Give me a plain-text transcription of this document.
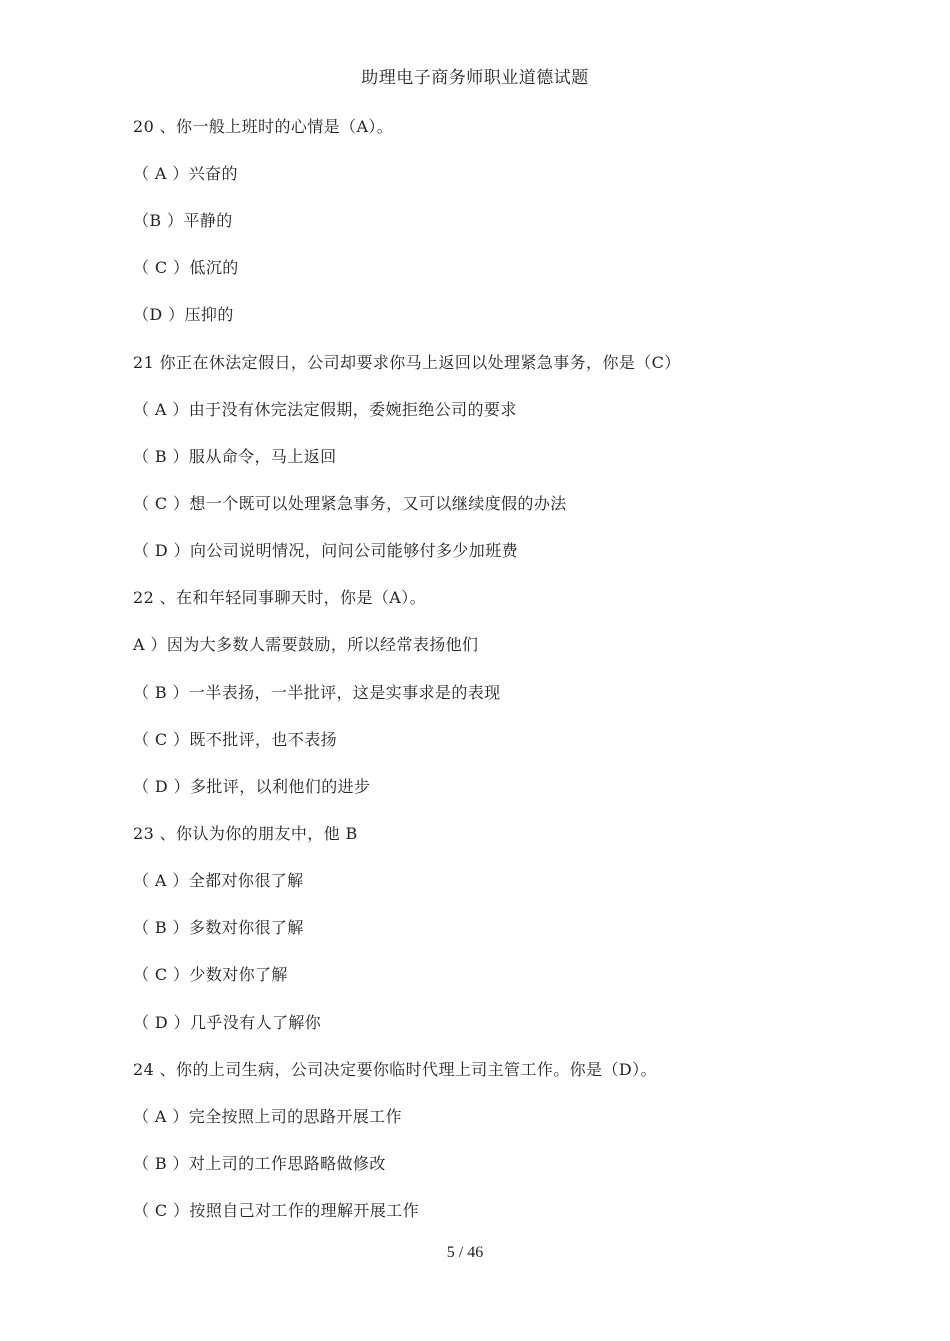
助理电子商务师职业道德试题
20 、你一般上班时的心情是（A）。
（ A ）兴奋的
（B ）平静的
（ C ）低沉的
（D ）压抑的
21 你正在休法定假日，公司却要求你马上返回以处理紧急事务，你是（C）
（ A ）由于没有休完法定假期，委婉拒绝公司的要求
（ B ）服从命令，马上返回
（ C ）想一个既可以处理紧急事务，又可以继续度假的办法
（ D ）向公司说明情况，问问公司能够付多少加班费
22 、在和年轻同事聊天时，你是（A）。
A ）因为大多数人需要鼓励，所以经常表扬他们
（ B ）一半表扬，一半批评，这是实事求是的表现
（ C ）既不批评，也不表扬
（ D ）多批评，以利他们的进步
23 、你认为你的朋友中，他 B
（ A ）全都对你很了解
（ B ）多数对你很了解
（ C ）少数对你了解
（ D ）几乎没有人了解你
24 、你的上司生病，公司决定要你临时代理上司主管工作。你是（D）。
（ A ）完全按照上司的思路开展工作
（ B ）对上司的工作思路略做修改
（ C ）按照自己对工作的理解开展工作
5 / 46
